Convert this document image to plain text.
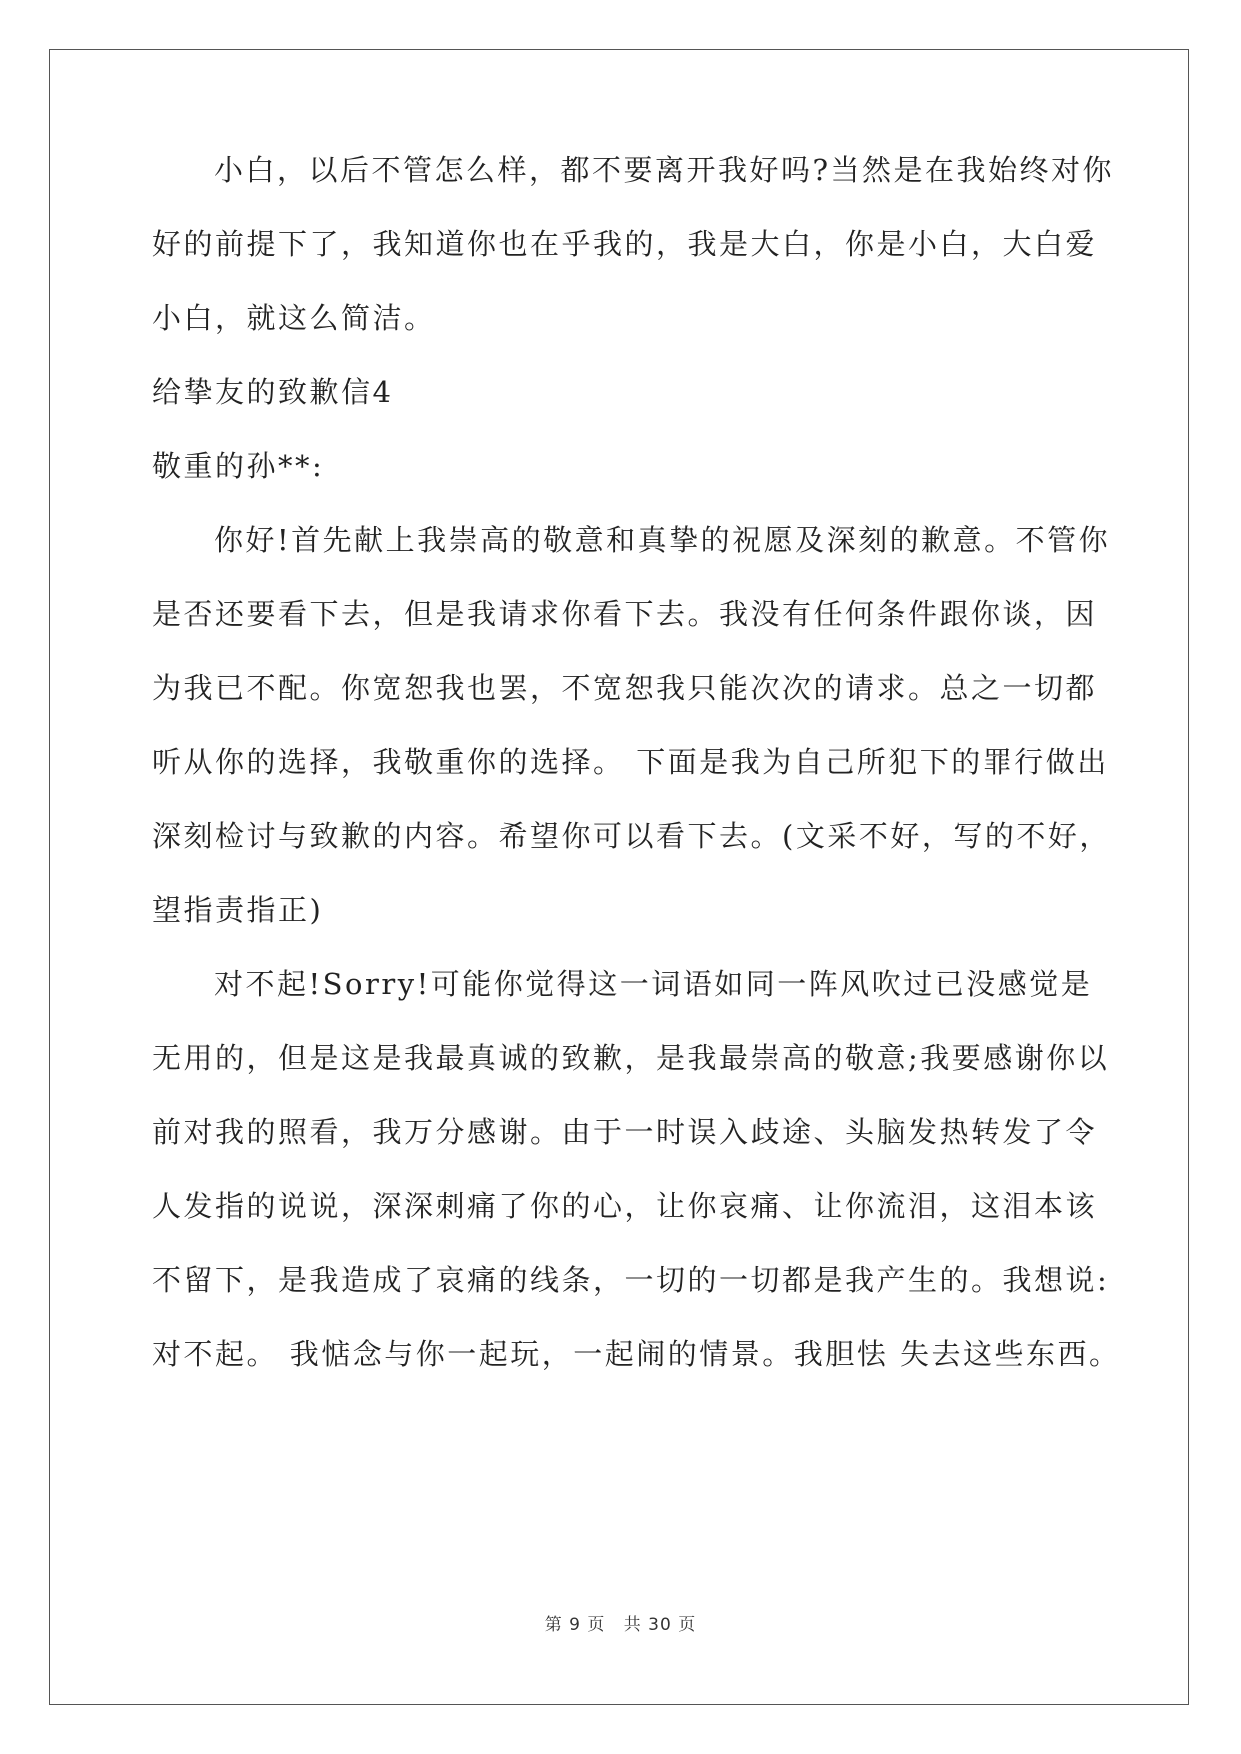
小白，以后不管怎么样，都不要离开我好吗?当然是在我始终对你
好的前提下了，我知道你也在乎我的，我是大白，你是小白，大白爱
小白，就这么简洁。
给挚友的致歉信4
敬重的孙**:
你好!首先献上我崇高的敬意和真挚的祝愿及深刻的歉意。不管你
是否还要看下去，但是我请求你看下去。我没有任何条件跟你谈，因
为我已不配。你宽恕我也罢，不宽恕我只能次次的请求。总之一切都
听从你的选择，我敬重你的选择。 下面是我为自己所犯下的罪行做出
深刻检讨与致歉的内容。希望你可以看下去。(文采不好，写的不好，
望指责指正)
对不起!Sorry!可能你觉得这一词语如同一阵风吹过已没感觉是
无用的，但是这是我最真诚的致歉，是我最崇高的敬意;我要感谢你以
前对我的照看，我万分感谢。由于一时误入歧途、头脑发热转发了令
人发指的说说，深深刺痛了你的心，让你哀痛、让你流泪，这泪本该
不留下，是我造成了哀痛的线条，一切的一切都是我产生的。我想说:
对不起。 我惦念与你一起玩，一起闹的情景。我胆怯 失去这些东西。
第 9 页 共 30 页
